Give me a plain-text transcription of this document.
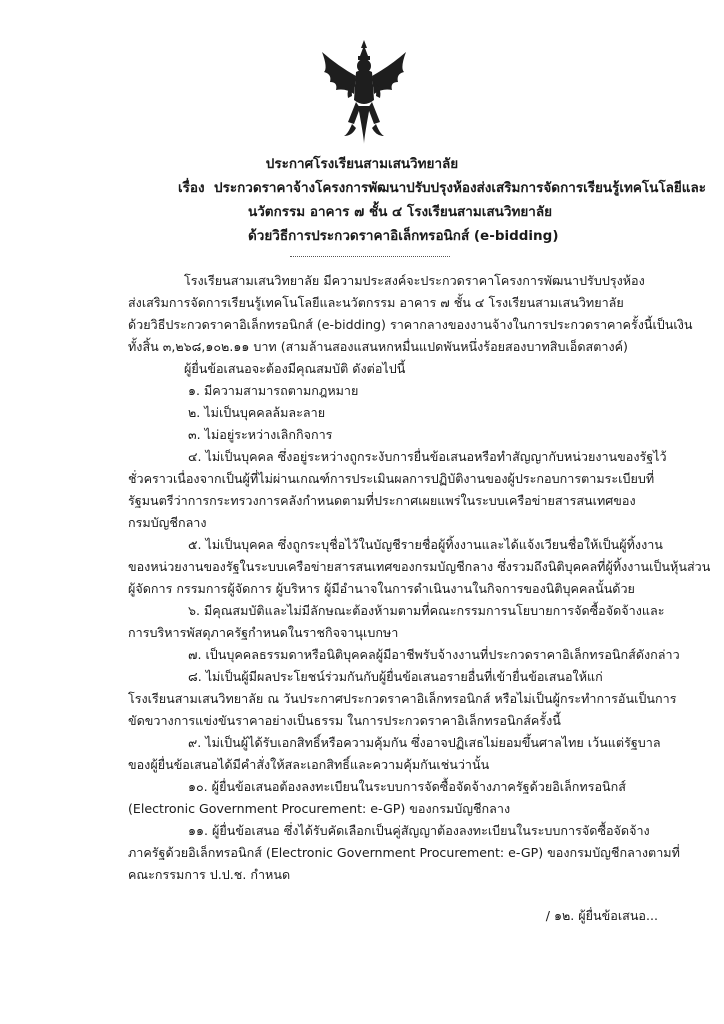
ประกาศโรงเรียนสามเสนวิทยาลัย
เรื่อง ประกวดราคาจ้างโครงการพัฒนาปรับปรุงห้องส่งเสริมการจัดการเรียนรู้เทคโนโลยีและ
นวัตกรรม อาคาร ๗ ชั้น ๔ โรงเรียนสามเสนวิทยาลัย
ด้วยวิธีการประกวดราคาอิเล็กทรอนิกส์ (e-bidding)

โรงเรียนสามเสนวิทยาลัย มีความประสงค์จะประกวดราคาโครงการพัฒนาปรับปรุงห้อง

ส่งเสริมการจัดการเรียนรู้เทคโนโลยีและนวัตกรรม อาคาร ๗ ชั้น ๔ โรงเรียนสามเสนวิทยาลัย

ด้วยวิธีประกวดราคาอิเล็กทรอนิกส์ (e-bidding) ราคากลางของงานจ้างในการประกวดราคาครั้งนี้เป็นเงิน

ทั้งสิ้น ๓,๒๖๘,๑๐๒.๑๑ บาท (สามล้านสองแสนหกหมื่นแปดพันหนึ่งร้อยสองบาทสิบเอ็ดสตางค์)

ผู้ยื่นข้อเสนอจะต้องมีคุณสมบัติ ดังต่อไปนี้

๑. มีความสามารถตามกฎหมาย

๒. ไม่เป็นบุคคลล้มละลาย

๓. ไม่อยู่ระหว่างเลิกกิจการ

๔. ไม่เป็นบุคคล ซึ่งอยู่ระหว่างถูกระงับการยื่นข้อเสนอหรือทำสัญญากับหน่วยงานของรัฐไว้

ชั่วคราวเนื่องจากเป็นผู้ที่ไม่ผ่านเกณฑ์การประเมินผลการปฏิบัติงานของผู้ประกอบการตามระเบียบที่

รัฐมนตรีว่าการกระทรวงการคลังกำหนดตามที่ประกาศเผยแพร่ในระบบเครือข่ายสารสนเทศของ

กรมบัญชีกลาง

๕. ไม่เป็นบุคคล ซึ่งถูกระบุชื่อไว้ในบัญชีรายชื่อผู้ทิ้งงานและได้แจ้งเวียนชื่อให้เป็นผู้ทิ้งงาน

ของหน่วยงานของรัฐในระบบเครือข่ายสารสนเทศของกรมบัญชีกลาง ซึ่งรวมถึงนิติบุคคลที่ผู้ทิ้งงานเป็นหุ้นส่วน

ผู้จัดการ กรรมการผู้จัดการ ผู้บริหาร ผู้มีอำนาจในการดำเนินงานในกิจการของนิติบุคคลนั้นด้วย

๖. มีคุณสมบัติและไม่มีลักษณะต้องห้ามตามที่คณะกรรมการนโยบายการจัดซื้อจัดจ้างและ

การบริหารพัสดุภาครัฐกำหนดในราชกิจจานุเบกษา

๗. เป็นบุคคลธรรมดาหรือนิติบุคคลผู้มีอาชีพรับจ้างงานที่ประกวดราคาอิเล็กทรอนิกส์ดังกล่าว

๘. ไม่เป็นผู้มีผลประโยชน์ร่วมกันกับผู้ยื่นข้อเสนอรายอื่นที่เข้ายื่นข้อเสนอให้แก่

โรงเรียนสามเสนวิทยาลัย ณ วันประกาศประกวดราคาอิเล็กทรอนิกส์ หรือไม่เป็นผู้กระทำการอันเป็นการ

ขัดขวางการแข่งขันราคาอย่างเป็นธรรม ในการประกวดราคาอิเล็กทรอนิกส์ครั้งนี้

๙. ไม่เป็นผู้ได้รับเอกสิทธิ์หรือความคุ้มกัน ซึ่งอาจปฏิเสธไม่ยอมขึ้นศาลไทย เว้นแต่รัฐบาล

ของผู้ยื่นข้อเสนอได้มีคำสั่งให้สละเอกสิทธิ์และความคุ้มกันเช่นว่านั้น

๑๐. ผู้ยื่นข้อเสนอต้องลงทะเบียนในระบบการจัดซื้อจัดจ้างภาครัฐด้วยอิเล็กทรอนิกส์

(Electronic Government Procurement: e-GP) ของกรมบัญชีกลาง

๑๑. ผู้ยื่นข้อเสนอ ซึ่งได้รับคัดเลือกเป็นคู่สัญญาต้องลงทะเบียนในระบบการจัดซื้อจัดจ้าง

ภาครัฐด้วยอิเล็กทรอนิกส์ (Electronic Government Procurement: e-GP) ของกรมบัญชีกลางตามที่

คณะกรรมการ ป.ป.ช. กำหนด

/ ๑๒. ผู้ยื่นข้อเสนอ...
